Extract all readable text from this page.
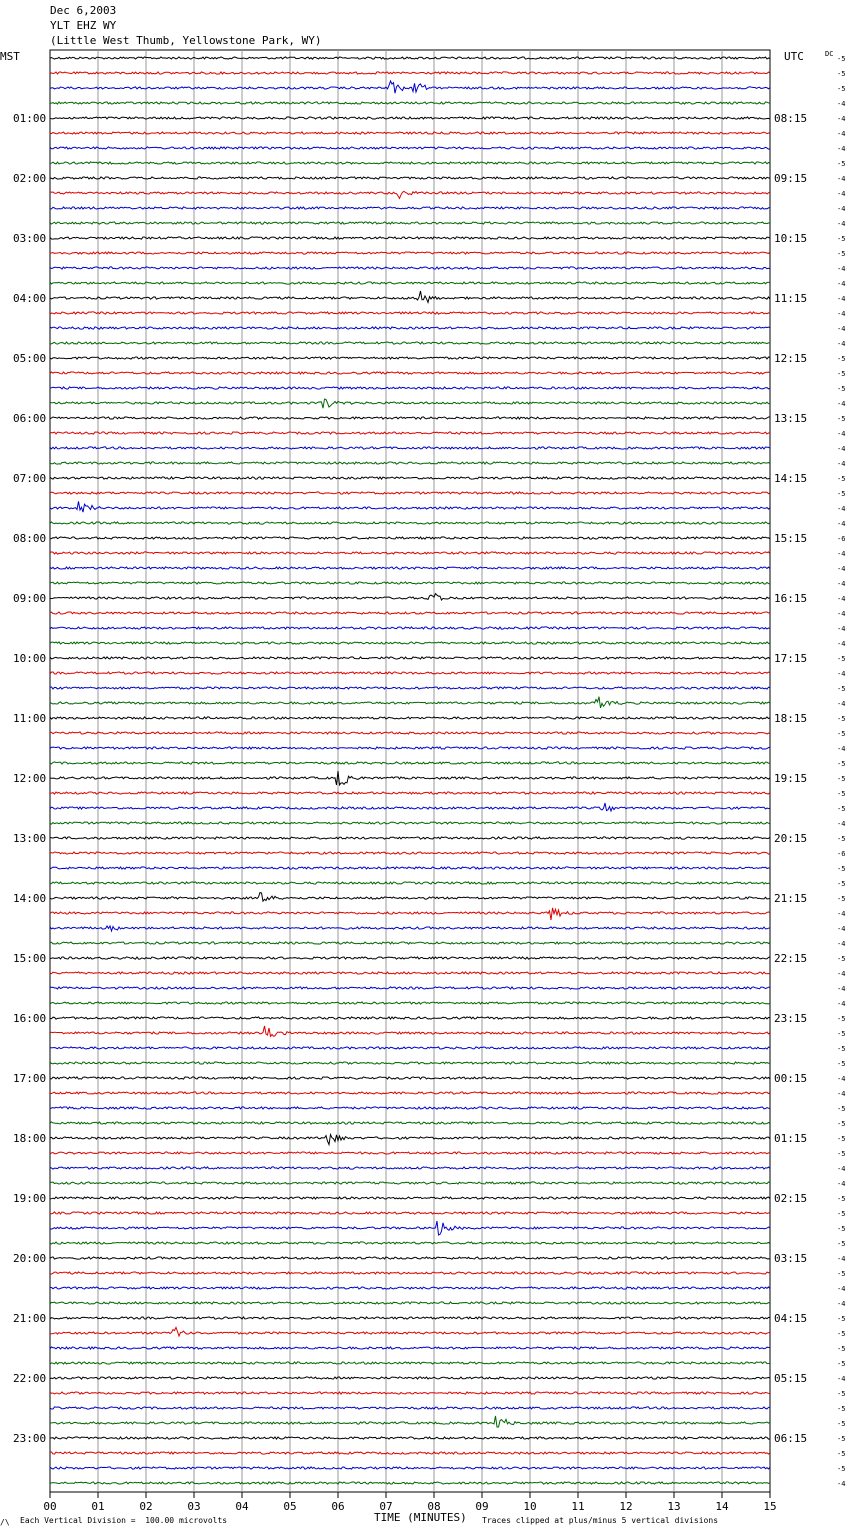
Dec 6,2003
YLT EHZ WY
(Little West Thumb, Yellowstone Park, WY)
MST	UTC	DC
01:00
02:00
03:00
04:00
05:00
06:00
07:00
08:00
09:00
10:00
11:00
12:00
13:00
14:00
15:00
16:00
17:00
18:00
19:00
20:00
21:00
22:00
23:00
08:15
09:15
10:15
11:15
12:15
13:15
14:15
15:15
16:15
17:15
18:15
19:15
20:15
21:15
22:15
23:15
00:15
01:15
02:15
03:15
04:15
05:15
06:15
-5
-5
-5
-4
-4
-4
-4
-5
-4
-4
-4
-4
-5
-5
-4
-4
-4
-4
-4
-4
-5
-5
-5
-4
-5
-4
-4
-4
-5
-5
-4
-4
-6
-4
-4
-4
-4
-4
-4
-4
-5
-4
-5
-4
-5
-5
-4
-5
-5
-5
-5
-4
-5
-6
-5
-5
-5
-4
-4
-4
-5
-4
-4
-4
-5
-5
-5
-5
-4
-4
-5
-5
-5
-5
-4
-4
-5
-5
-5
-5
-4
-5
-4
-4
-5
-5
-5
-5
-4
-5
-5
-5
-5
-5
-5
-4
00	01	02	03	04	05	06	07	08	09	10	11	12	13	14	15
TIME (MINUTES)
Each Vertical Division =  100.00 microvolts	Traces clipped at plus/minus 5 vertical divisions
/\
